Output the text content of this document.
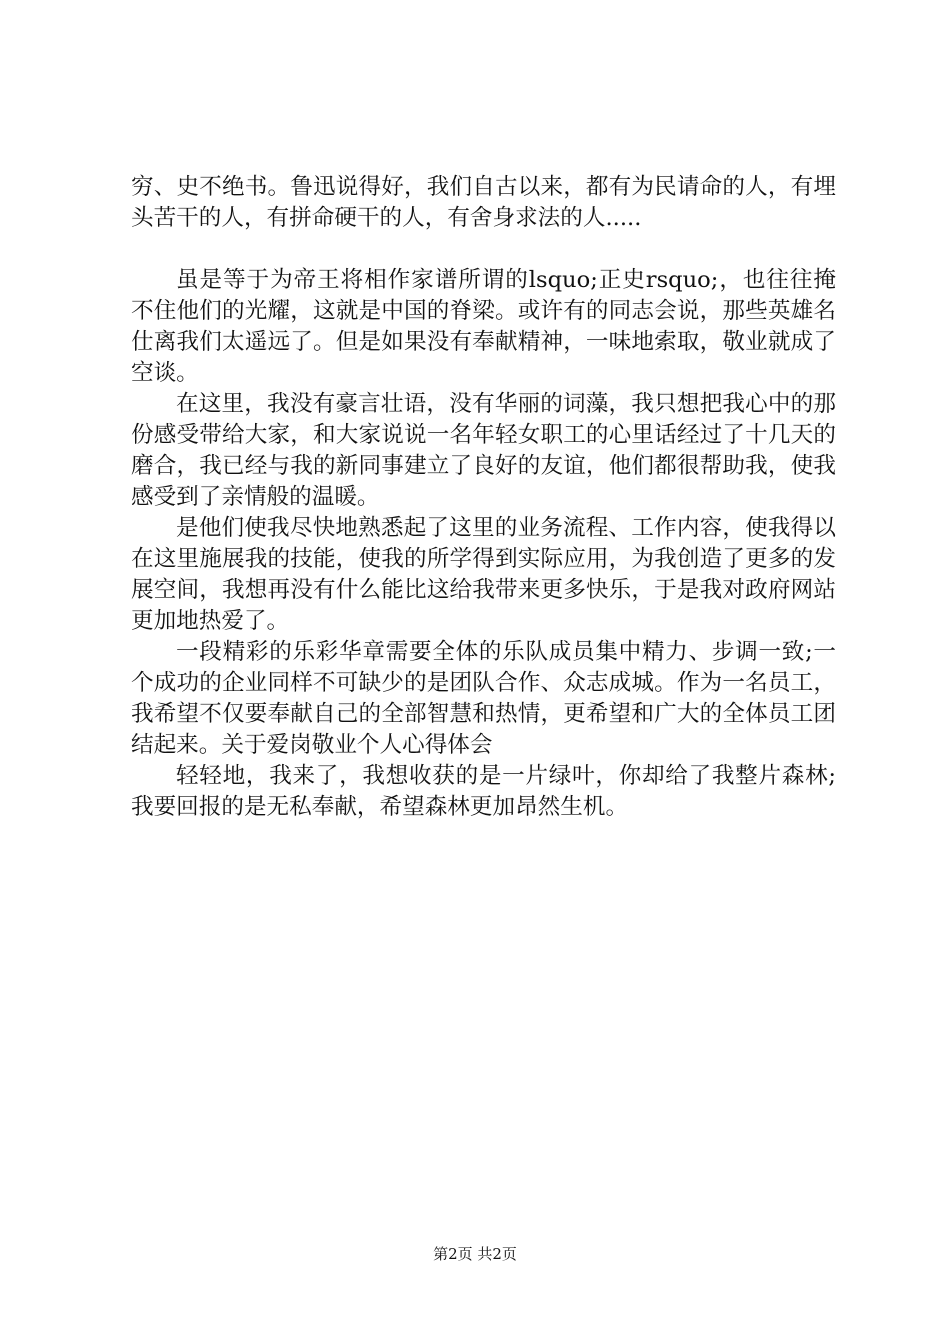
穷、史不绝书。鲁迅说得好，我们自古以来，都有为民请命的人，有埋头苦干的人，有拼命硬干的人，有舍身求法的人.....

虽是等于为帝王将相作家谱所谓的lsquo;正史rsquo;，也往往掩不住他们的光耀，这就是中国的脊梁。或许有的同志会说，那些英雄名仕离我们太遥远了。但是如果没有奉献精神，一味地索取，敬业就成了空谈。

在这里，我没有豪言壮语，没有华丽的词藻，我只想把我心中的那份感受带给大家，和大家说说一名年轻女职工的心里话经过了十几天的磨合，我已经与我的新同事建立了良好的友谊，他们都很帮助我，使我感受到了亲情般的温暖。

是他们使我尽快地熟悉起了这里的业务流程、工作内容，使我得以在这里施展我的技能，使我的所学得到实际应用，为我创造了更多的发展空间，我想再没有什么能比这给我带来更多快乐，于是我对政府网站更加地热爱了。

一段精彩的乐彩华章需要全体的乐队成员集中精力、步调一致;一个成功的企业同样不可缺少的是团队合作、众志成城。作为一名员工，我希望不仅要奉献自己的全部智慧和热情，更希望和广大的全体员工团结起来。关于爱岗敬业个人心得体会

轻轻地，我来了，我想收获的是一片绿叶，你却给了我整片森林;我要回报的是无私奉献，希望森林更加昂然生机。

第2页 共2页
